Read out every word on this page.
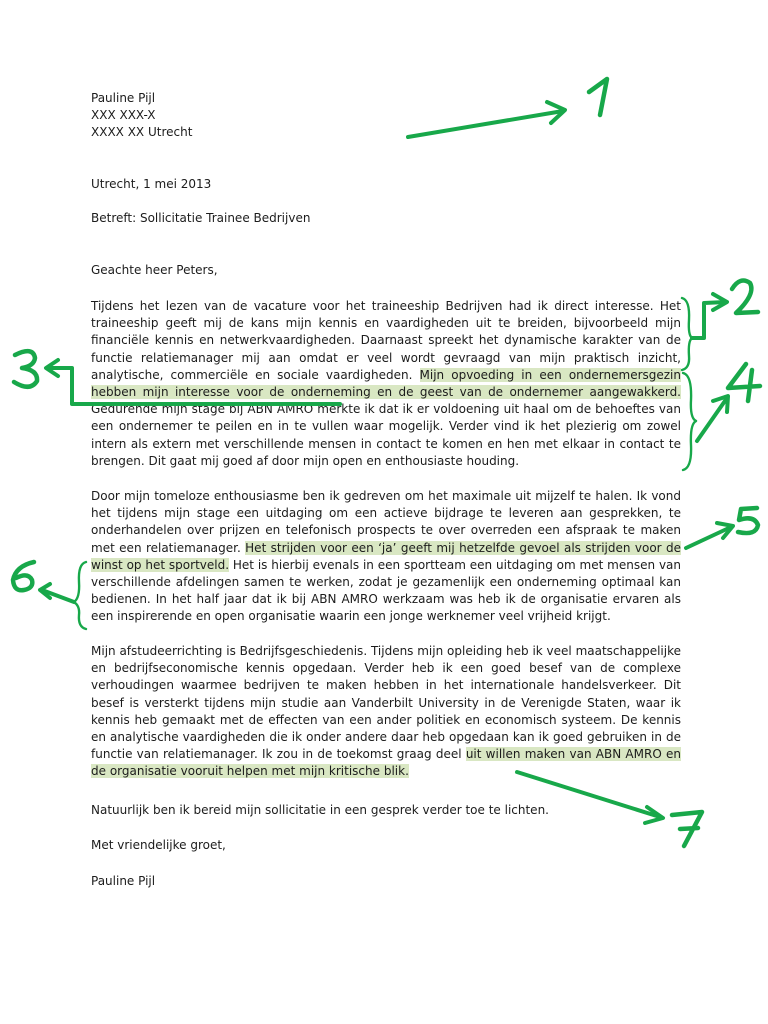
Pauline Pijl
XXX XXX-X
XXXX XX Utrecht
Utrecht, 1 mei 2013
Betreft: Sollicitatie Trainee Bedrijven
Geachte heer Peters,
Tijdens het lezen van de vacature voor het traineeship Bedrijven had ik direct interesse. Het traineeship geeft mij de kans mijn kennis en vaardigheden uit te breiden, bijvoorbeeld mijn financiële kennis en netwerkvaardigheden. Daarnaast spreekt het dynamische karakter van de functie relatiemanager mij aan omdat er veel wordt gevraagd van mijn praktisch inzicht, analytische, commerciële en sociale vaardigheden. Mijn opvoeding in een ondernemersgezin hebben mijn interesse voor de onderneming en de geest van de ondernemer aangewakkerd. Gedurende mijn stage bij ABN AMRO merkte ik dat ik er voldoening uit haal om de behoeftes van een ondernemer te peilen en in te vullen waar mogelijk. Verder vind ik het plezierig om zowel intern als extern met verschillende mensen in contact te komen en hen met elkaar in contact te brengen. Dit gaat mij goed af door mijn open en enthousiaste houding.
Door mijn tomeloze enthousiasme ben ik gedreven om het maximale uit mijzelf te halen. Ik vond het tijdens mijn stage een uitdaging om een actieve bijdrage te leveren aan gesprekken, te onderhandelen over prijzen en telefonisch prospects te over overreden een afspraak te maken met een relatiemanager. Het strijden voor een ‘ja’ geeft mij hetzelfde gevoel als strijden voor de winst op het sportveld. Het is hierbij evenals in een sportteam een uitdaging om met mensen van verschillende afdelingen samen te werken, zodat je gezamenlijk een onderneming optimaal kan bedienen. In het half jaar dat ik bij ABN AMRO werkzaam was heb ik de organisatie ervaren als een inspirerende en open organisatie waarin een jonge werknemer veel vrijheid krijgt.
Mijn afstudeerrichting is Bedrijfsgeschiedenis. Tijdens mijn opleiding heb ik veel maatschappelijke en bedrijfseconomische kennis opgedaan. Verder heb ik een goed besef van de complexe verhoudingen waarmee bedrijven te maken hebben in het internationale handelsverkeer. Dit besef is versterkt tijdens mijn studie aan Vanderbilt University in de Verenigde Staten, waar ik kennis heb gemaakt met de effecten van een ander politiek en economisch systeem. De kennis en analytische vaardigheden die ik onder andere daar heb opgedaan kan ik goed gebruiken in de functie van relatiemanager. Ik zou in de toekomst graag deel uit willen maken van ABN AMRO en de organisatie vooruit helpen met mijn kritische blik.
Natuurlijk ben ik bereid mijn sollicitatie in een gesprek verder toe te lichten.
Met vriendelijke groet,
Pauline Pijl
